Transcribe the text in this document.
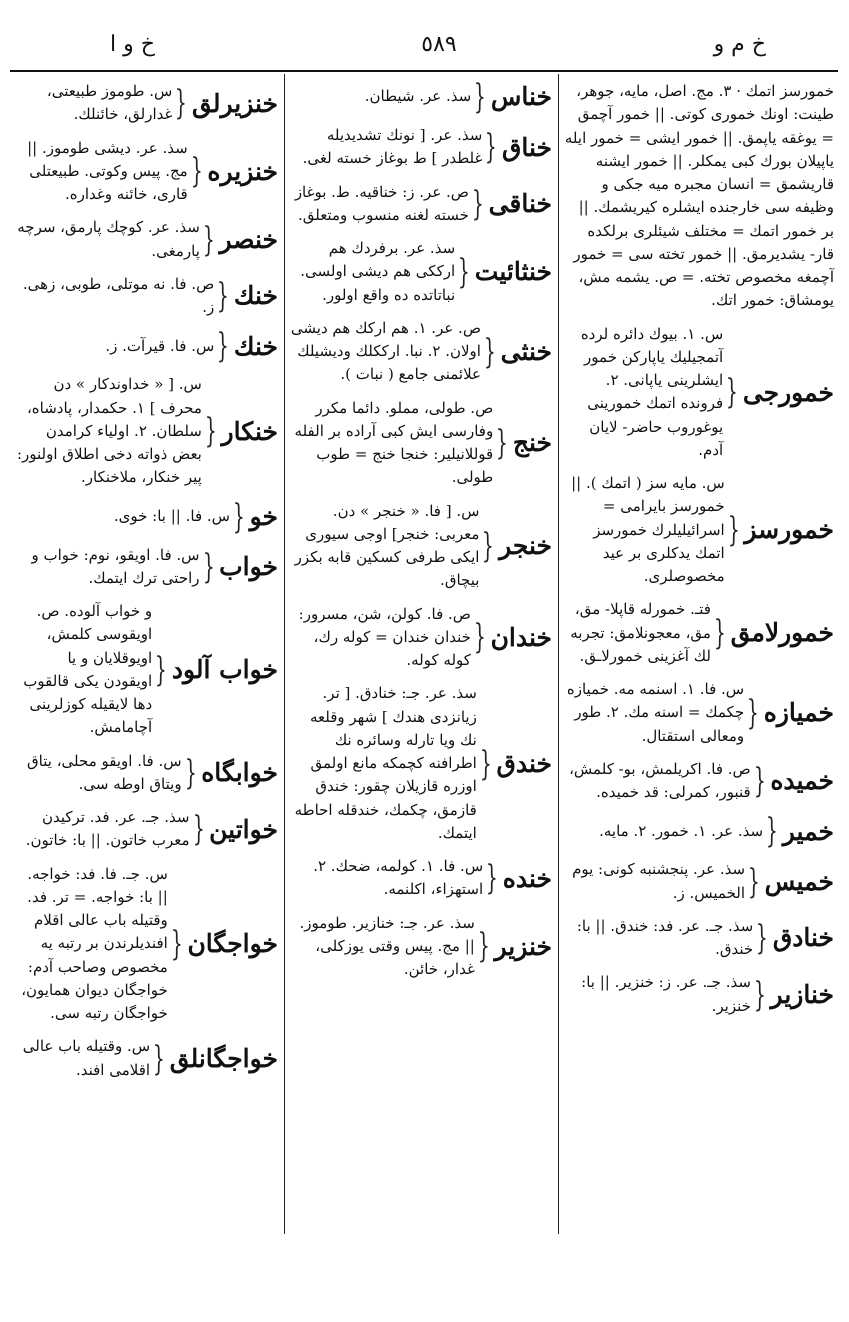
خ و ا	٥٨٩	خ م و
خمورسز اتمك · ٣. مج. اصل، مایه، جوهر، طینت: اونك خموری کوتی. || خمور آچمق = یوغقه یاپمق. || خمور ایشی = خمور ایله یاپیلان بورك کبی یمکلر. || خمور ایشنه قاریشمق = انسان مجبره میه جکی و وظیفه سی خارجنده ایشلره کیریشمك. || بر خمور اتمك = مختلف شیئلری برلکده قار- یشدیرمق. || خمور تخته سی = خمور آچمغه مخصوص تخته. = ص. یشمه مش، یومشاق: خمور اتك.
خمورجی
{
س. ١. بیوك دائره لرده آتمجیلیك یاپارکن خمور ایشلرینی یاپانی. ٢. فرونده اتمك خمورینی یوغوروب حاضر- لایان آدم.
خمورسز
{
س. مایه سز ( اتمك ). || خمورسز بایرامی = اسرائیلیلرك خمورسز اتمك یدکلری بر عید مخصوصلری.
خمورلامق
{
فتـ. خمورله قاپلا- مق، مق، معجونلامق: تجربه لك آغزینی خمورلاـق.
خمیازه
{
س. فا. ١. اسنمه مه. خمیازه چکمك = اسنه مك. ٢. طور ومعالی استقتال.
خمیده
{
ص. فا. اکریلمش، بو- کلمش، قنبور، کمرلی: قد خمیده.
خمیر
{
سذ. عر. ١. خمور. ٢. مایه.
خمیس
{
سذ. عر. پنجشنبه کونی: یوم الخمیس. ز.
خنادق
{
سذ. جـ. عر. فد: خندق. || با: خندق.
خنازیر
{
سذ. جـ. عر. ز: خنزیر. || با: خنزیر.
خناس
{
سذ. عر. شیطان.
خناق
{
سذ. عر. [ نونك تشدیدیله غلطدر ] ط بوغاز خسته لغی.
خناقی
{
ص. عر. ز: خناقیه. ط. بوغاز خسته لغنه منسوب ومتعلق.
خنثائیت
{
سذ. عر. برفردك هم ارککی هم دیشی اولسی. نباتاتده ده واقع اولور.
خنثی
{
ص. عر. ١. هم ارکك هم دیشی اولان. ٢. نبا. ارککلك ودیشیلك علائمنی جامع ( نبات ).
خنج
{
ص. طولی، مملو. دائما مکرر وفارسی ایش کبی آراده بر الفله قوللانیلیر: خنجا خنج = طوب طولی.
خنجر
{
س. [ فا. « خنجر » دن. معربی: خنجر] اوجی سیوری ایکی طرفی کسکین قابه بکزر بیچاق.
خندان
{
ص. فا. کولن، شن، مسرور: خندان خندان = کوله رك، کوله کوله.
خندق
{
سذ. عر. جـ: خنادق. [ تر. زیانزدی هندك ] شهر وقلعه نك ویا تارله وسائره نك اطرافنه کچمکه مانع اولمق اوزره قازیلان چقور: خندق قازمق، چکمك، خندقله احاطه ایتمك.
خنده
{
س. فا. ١. کولمه، ضحك. ٢. استهزاء، اکلنمه.
خنزیر
{
سذ. عر. جـ: خنازیر. طوموز. || مج. پیس وقتی یوزکلی، غدار، خائن.
خنزیرلق
{
س. طوموز طبیعتی، غدارلق، خائنلك.
خنزیره
{
سذ. عر. دیشی طوموز. || مج. پیس وکوتی. طبیعتلی قاری، خائنه وغداره.
خنصر
{
سذ. عر. کوچك پارمق، سرچه پارمغی.
خنك
{
ص. فا. نه موتلی، طوبی، زهی. ز.
خنك
{
س. فا. قیرآت. ز.
خنکار
{
س. [ « خداوندکار » دن محرف ] ١. حکمدار، پادشاه، سلطان. ٢. اولیاء کرامدن بعض ذواته دخی اطلاق اولنور: پیر خنکار، ملاخنکار.
خو
{
س. فا. || با: خوی.
خواب
{
س. فا. اویقو، نوم: خواب و راحتی ترك ایتمك.
خواب آلود
{
و خواب آلوده. ص. اویقوسی کلمش، اویوقلایان و یا اویقودن یکی قالقوب دها لایقیله کوزلرینی آچامامش.
خوابگاه
{
س. فا. اویقو محلی، یتاق ویتاق اوطه سی.
خواتین
{
سذ. جـ. عر. فد. ترکیدن معرب خاتون. || با: خاتون.
خواجگان
{
س. جـ. فا. فد: خواجه. || با: خواجه. = تر. فد. وقتیله باب عالی اقلام افندیلرندن بر رتبه یه مخصوص وصاحب آدم: خواجگان دیوان همایون، خواجگان رتبه سی.
خواجگانلق
{
س. وقتیله باب عالی اقلامی افند.
